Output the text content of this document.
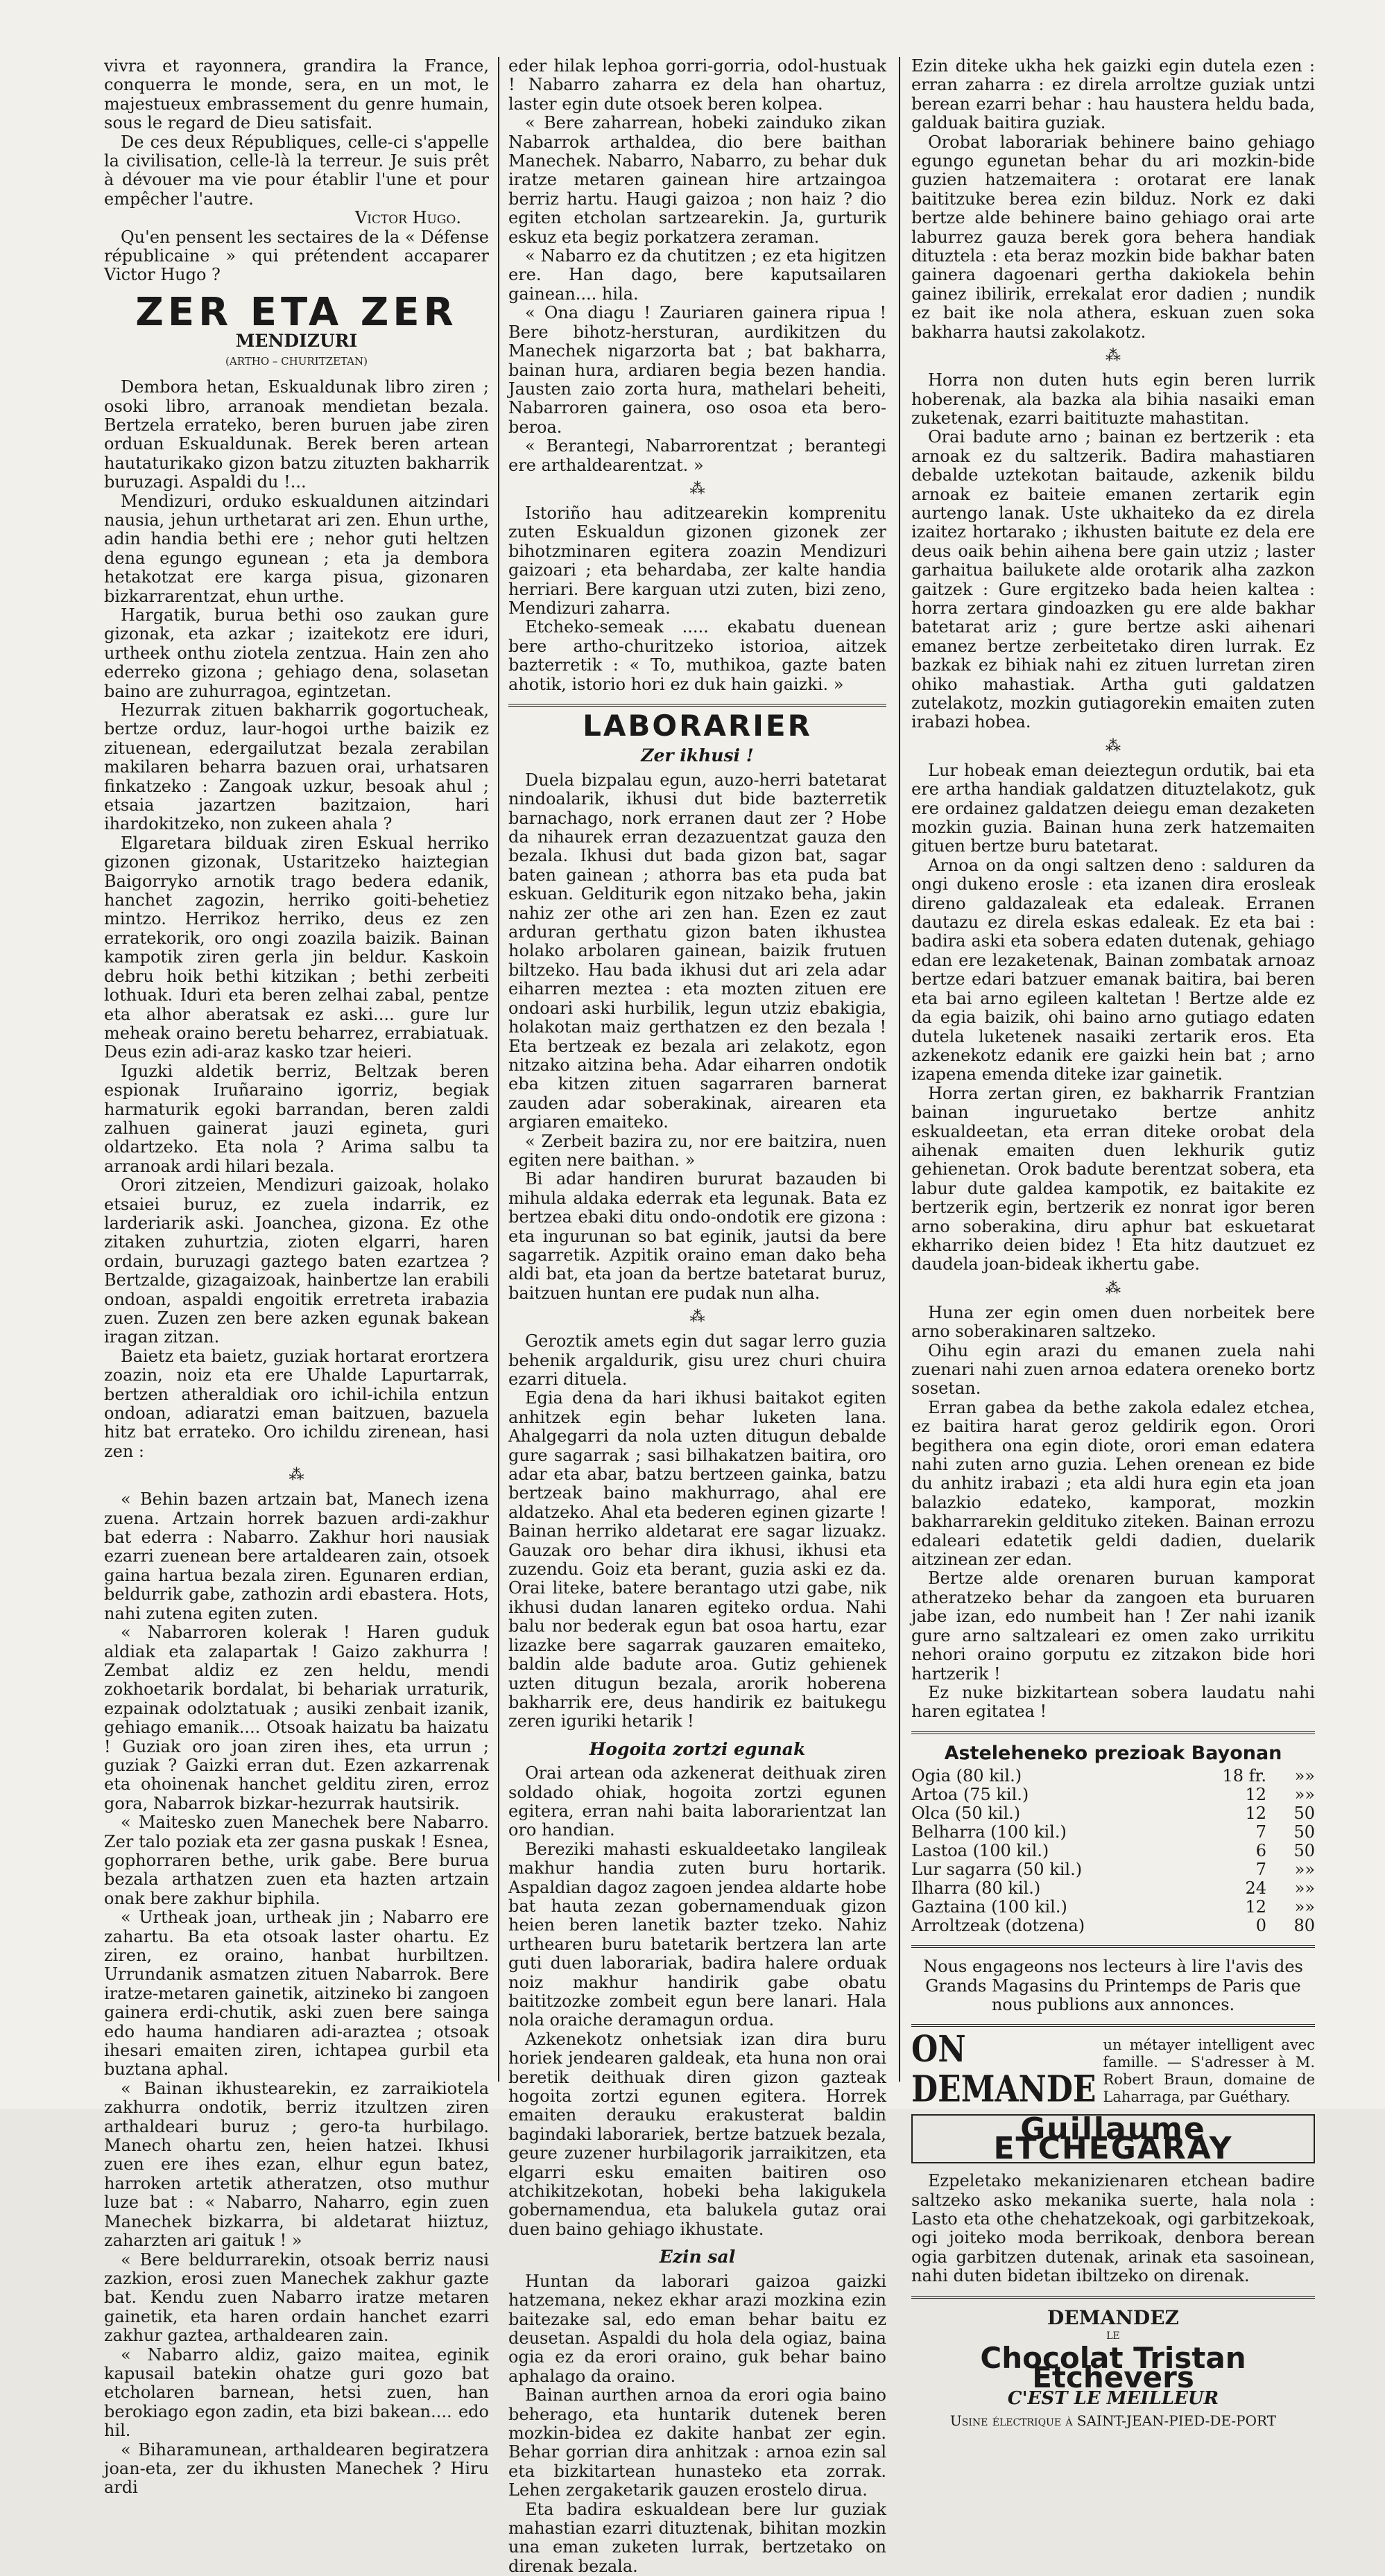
vivra et rayonnera, grandira la France, conquerra le monde, sera, en un mot, le majestueux embrassement du genre humain, sous le regard de Dieu satisfait.

De ces deux Républiques, celle-ci s'appelle la civilisation, celle-là la terreur. Je suis prêt à dévouer ma vie pour établir l'une et pour empêcher l'autre.

Victor Hugo.

Qu'en pensent les sectaires de la « Défense républicaine » qui prétendent accaparer Victor Hugo ?

ZER ETA ZER
MENDIZURI
(ARTHO – CHURITZETAN)

Dembora hetan, Eskualdunak libro ziren ; osoki libro, arranoak mendietan bezala. Bertzela errateko, beren buruen jabe ziren orduan Eskualdunak. Berek beren artean hautaturikako gizon batzu zituzten bakharrik buruzagi. Aspaldi du !...

Mendizuri, orduko eskualdunen aitzindari nausia, jehun urthetarat ari zen. Ehun urthe, adin handia bethi ere ; nehor guti heltzen dena egungo egunean ; eta ja dembora hetakotzat ere karga pisua, gizonaren bizkarrarentzat, ehun urthe.

Hargatik, burua bethi oso zaukan gure gizonak, eta azkar ; izaitekotz ere iduri, urtheek onthu ziotela zentzua. Hain zen aho ederreko gizona ; gehiago dena, solasetan baino are zuhurragoa, egintzetan.

Hezurrak zituen bakharrik gogortucheak, bertze orduz, laur-hogoi urthe baizik ez zituenean, edergailutzat bezala zerabilan makilaren beharra bazuen orai, urhatsaren finkatzeko : Zangoak uzkur, besoak ahul ; etsaia jazartzen bazitzaion, hari ihardokitzeko, non zukeen ahala ?

Elgaretara bilduak ziren Eskual herriko gizonen gizonak, Ustaritzeko haiztegian Baigorryko arnotik trago bedera edanik, hanchet zagozin, herriko goiti-behetiez mintzo. Herrikoz herriko, deus ez zen erratekorik, oro ongi zoazila baizik. Bainan kampotik ziren gerla jin beldur. Kaskoin debru hoik bethi kitzikan ; bethi zerbeiti lothuak. Iduri eta beren zelhai zabal, pentze eta alhor aberatsak ez aski.... gure lur meheak oraino beretu beharrez, errabiatuak. Deus ezin adi-araz kasko tzar heieri.

Iguzki aldetik berriz, Beltzak beren espionak Iruñaraino igorriz, begiak harmaturik egoki barrandan, beren zaldi zalhuen gainerat jauzi egineta, guri oldartzeko. Eta nola ? Arima salbu ta arranoak ardi hilari bezala.

Orori zitzeien, Mendizuri gaizoak, holako etsaiei buruz, ez zuela indarrik, ez larderiarik aski. Joanchea, gizona. Ez othe zitaken zuhurtzia, zioten elgarri, haren ordain, buruzagi gaztego baten ezartzea ? Bertzalde, gizagaizoak, hainbertze lan erabili ondoan, aspaldi engoitik erretreta irabazia zuen. Zuzen zen bere azken egunak bakean iragan zitzan.

Baietz eta baietz, guziak hortarat erortzera zoazin, noiz eta ere Uhalde Lapurtarrak, bertzen atheraldiak oro ichil-ichila entzun ondoan, adiaratzi eman baitzuen, bazuela hitz bat errateko. Oro ichildu zirenean, hasi zen :

⁂

« Behin bazen artzain bat, Manech izena zuena. Artzain horrek bazuen ardi-zakhur bat ederra : Nabarro. Zakhur hori nausiak ezarri zuenean bere artaldearen zain, otsoek gaina hartua bezala ziren. Egunaren erdian, beldurrik gabe, zathozin ardi ebastera. Hots, nahi zutena egiten zuten.

« Nabarroren kolerak ! Haren guduk aldiak eta zalapartak ! Gaizo zakhurra ! Zembat aldiz ez zen heldu, mendi zokhoetarik bordalat, bi behariak urraturik, ezpainak odolztatuak ; ausiki zenbait izanik, gehiago emanik.... Otsoak haizatu ba haizatu ! Guziak oro joan ziren ihes, eta urrun ; guziak ? Gaizki erran dut. Ezen azkarrenak eta ohoinenak hanchet gelditu ziren, erroz gora, Nabarrok bizkar-hezurrak hautsirik.

« Maitesko zuen Manechek bere Nabarro. Zer talo poziak eta zer gasna puskak ! Esnea, gophorraren bethe, urik gabe. Bere burua bezala arthatzen zuen eta hazten artzain onak bere zakhur biphila.

« Urtheak joan, urtheak jin ; Nabarro ere zahartu. Ba eta otsoak laster ohartu. Ez ziren, ez oraino, hanbat hurbiltzen. Urrundanik asmatzen zituen Nabarrok. Bere iratze-metaren gainetik, aitzineko bi zangoen gainera erdi-chutik, aski zuen bere sainga edo hauma handiaren adi-araztea ; otsoak ihesari emaiten ziren, ichtapea gurbil eta buztana aphal.

« Bainan ikhustearekin, ez zarraikiotela zakhurra ondotik, berriz itzultzen ziren arthaldeari buruz ; gero-ta hurbilago. Manech ohartu zen, heien hatzei. Ikhusi zuen ere ihes ezan, elhur egun batez, harroken artetik atheratzen, otso muthur luze bat : « Nabarro, Naharro, egin zuen Manechek bizkarra, bi aldetarat hiiztuz, zaharzten ari gaituk ! »

« Bere beldurrarekin, otsoak berriz nausi zazkion, erosi zuen Manechek zakhur gazte bat. Kendu zuen Nabarro iratze metaren gainetik, eta haren ordain hanchet ezarri zakhur gaztea, arthaldearen zain.

« Nabarro aldiz, gaizo maitea, eginik kapusail batekin ohatze guri gozo bat etcholaren barnean, hetsi zuen, han berokiago egon zadin, eta bizi bakean.... edo hil.

« Biharamunean, arthaldearen begiratzera joan-eta, zer du ikhusten Manechek ? Hiru ardi

eder hilak lephoa gorri-gorria, odol-hustuak ! Nabarro zaharra ez dela han ohartuz, laster egin dute otsoek beren kolpea.

« Bere zaharrean, hobeki zainduko zikan Nabarrok arthaldea, dio bere baithan Manechek. Nabarro, Nabarro, zu behar duk iratze metaren gainean hire artzaingoa berriz hartu. Haugi gaizoa ; non haiz ? dio egiten etcholan sartzearekin. Ja, gurturik eskuz eta begiz porkatzera zeraman.

« Nabarro ez da chutitzen ; ez eta higitzen ere. Han dago, bere kaputsailaren gainean.... hila.

« Ona diagu ! Zauriaren gainera ripua ! Bere bihotz-hersturan, aurdikitzen du Manechek nigarzorta bat ; bat bakharra, bainan hura, ardiaren begia bezen handia. Jausten zaio zorta hura, mathelari beheiti, Nabarroren gainera, oso osoa eta bero-beroa.

« Berantegi, Nabarrorentzat ; berantegi ere arthaldearentzat. »

⁂

Istoriño hau aditzearekin komprenitu zuten Eskualdun gizonen gizonek zer bihotzminaren egitera zoazin Mendizuri gaizoari ; eta behardaba, zer kalte handia herriari. Bere karguan utzi zuten, bizi zeno, Mendizuri zaharra.

Etcheko-semeak ..... ekabatu duenean bere artho-churitzeko istorioa, aitzek bazterretik : « To, muthikoa, gazte baten ahotik, istorio hori ez duk hain gaizki. »

LABORARIER
Zer ikhusi !

Duela bizpalau egun, auzo-herri batetarat nindoalarik, ikhusi dut bide bazterretik barnachago, nork erranen daut zer ? Hobe da nihaurek erran dezazuentzat gauza den bezala. Ikhusi dut bada gizon bat, sagar baten gainean ; athorra bas eta puda bat eskuan. Gelditurik egon nitzako beha, jakin nahiz zer othe ari zen han. Ezen ez zaut arduran gerthatu gizon baten ikhustea holako arbolaren gainean, baizik frutuen biltzeko. Hau bada ikhusi dut ari zela adar eiharren meztea : eta mozten zituen ere ondoari aski hurbilik, legun utziz ebakigia, holakotan maiz gerthatzen ez den bezala ! Eta bertzeak ez bezala ari zelakotz, egon nitzako aitzina beha. Adar eiharren ondotik eba kitzen zituen sagarraren barnerat zauden adar soberakinak, airearen eta argiaren emaiteko.

« Zerbeit bazira zu, nor ere baitzira, nuen egiten nere baithan. »

Bi adar handiren bururat bazauden bi mihula aldaka ederrak eta legunak. Bata ez bertzea ebaki ditu ondo-ondotik ere gizona : eta ingurunan so bat eginik, jautsi da bere sagarretik. Azpitik oraino eman dako beha aldi bat, eta joan da bertze batetarat buruz, baitzuen huntan ere pudak nun alha.

⁂

Geroztik amets egin dut sagar lerro guzia behenik argaldurik, gisu urez churi chuira ezarri dituela.

Egia dena da hari ikhusi baitakot egiten anhitzek egin behar luketen lana. Ahalgegarri da nola uzten ditugun debalde gure sagarrak ; sasi bilhakatzen baitira, oro adar eta abar, batzu bertzeen gainka, batzu bertzeak baino makhurrago, ahal ere aldatzeko. Ahal eta bederen eginen gizarte ! Bainan herriko aldetarat ere sagar lizuakz. Gauzak oro behar dira ikhusi, ikhusi eta zuzendu. Goiz eta berant, guzia aski ez da. Orai liteke, batere berantago utzi gabe, nik ikhusi dudan lanaren egiteko ordua. Nahi balu nor bederak egun bat osoa hartu, ezar lizazke bere sagarrak gauzaren emaiteko, baldin alde badute aroa. Gutiz gehienek uzten ditugun bezala, arorik hoberena bakharrik ere, deus handirik ez baitukegu zeren iguriki hetarik !

Hogoita zortzi egunak

Orai artean oda azkenerat deithuak ziren soldado ohiak, hogoita zortzi egunen egitera, erran nahi baita laborarientzat lan oro handian.

Bereziki mahasti eskualdeetako langileak makhur handia zuten buru hortarik. Aspaldian dagoz zagoen jendea aldarte hobe bat hauta zezan gobernamenduak gizon heien beren lanetik bazter tzeko. Nahiz urthearen buru batetarik bertzera lan arte guti duen laborariak, badira halere orduak noiz makhur handirik gabe obatu baititzozke zombeit egun bere lanari. Hala nola oraiche deramagun ordua.

Azkenekotz onhetsiak izan dira buru horiek jendearen galdeak, eta huna non orai beretik deithuak diren gizon gazteak hogoita zortzi egunen egitera. Horrek emaiten derauku erakusterat baldin bagindaki laborariek, bertze batzuek bezala, geure zuzener hurbilagorik jarraikitzen, eta elgarri esku emaiten baitiren oso atchikitzekotan, hobeki beha lakigukela gobernamendua, eta balukela gutaz orai duen baino gehiago ikhustate.

Ezin sal

Huntan da laborari gaizoa gaizki hatzemana, nekez ekhar arazi mozkina ezin baitezake sal, edo eman behar baitu ez deusetan. Aspaldi du hola dela ogiaz, baina ogia ez da erori oraino, guk behar baino aphalago da oraino.

Bainan aurthen arnoa da erori ogia baino beherago, eta huntarik dutenek beren mozkin-bidea ez dakite hanbat zer egin. Behar gorrian dira anhitzak : arnoa ezin sal eta bizkitartean hunasteko eta zorrak. Lehen zergaketarik gauzen erostelo dirua.

Eta badira eskualdean bere lur guziak mahastian ezarri dituztenak, bihitan mozkin una eman zuketen lurrak, bertzetako on direnak bezala.

Ezin diteke ukha hek gaizki egin dutela ezen : erran zaharra : ez direla arroltze guziak untzi berean ezarri behar : hau haustera heldu bada, galduak baitira guziak.

Orobat laborariak behinere baino gehiago egungo egunetan behar du ari mozkin-bide guzien hatzemaitera : orotarat ere lanak baititzuke berea ezin bilduz. Nork ez daki bertze alde behinere baino gehiago orai arte laburrez gauza berek gora behera handiak dituztela : eta beraz mozkin bide bakhar baten gainera dagoenari gertha dakiokela behin gainez ibilirik, errekalat eror dadien ; nundik ez bait ike nola athera, eskuan zuen soka bakharra hautsi zakolakotz.

⁂

Horra non duten huts egin beren lurrik hoberenak, ala bazka ala bihia nasaiki eman zuketenak, ezarri baitituzte mahastitan.

Orai badute arno ; bainan ez bertzerik : eta arnoak ez du saltzerik. Badira mahastiaren debalde uztekotan baitaude, azkenik bildu arnoak ez baiteie emanen zertarik egin aurtengo lanak. Uste ukhaiteko da ez direla izaitez hortarako ; ikhusten baitute ez dela ere deus oaik behin aihena bere gain utziz ; laster garhaitua bailukete alde orotarik alha zazkon gaitzek : Gure ergitzeko bada heien kaltea : horra zertara gindoazken gu ere alde bakhar batetarat ariz ; gure bertze aski aihenari emanez bertze zerbeitetako diren lurrak. Ez bazkak ez bihiak nahi ez zituen lurretan ziren ohiko mahastiak. Artha guti galdatzen zutelakotz, mozkin gutiagorekin emaiten zuten irabazi hobea.

⁂

Lur hobeak eman deieztegun ordutik, bai eta ere artha handiak galdatzen dituztelakotz, guk ere ordainez galdatzen deiegu eman dezaketen mozkin guzia. Bainan huna zerk hatzemaiten gituen bertze buru batetarat.

Arnoa on da ongi saltzen denο : salduren da ongi dukeno erosle : eta izanen dira erosleak direno galdazaleak eta edaleak. Erranen dautazu ez direla eskas edaleak. Ez eta bai : badira aski eta sobera edaten dutenak, gehiago edan ere lezaketenak, Bainan zombatak arnoaz bertze edari batzuer emanak baitira, bai beren eta bai arno egileen kaltetan ! Bertze alde ez da egia baizik, ohi baino arno gutiago edaten dutela luketenek nasaiki zertarik eros. Eta azkenekotz edanik ere gaizki hein bat ; arno izapena emenda diteke izar gainetik.

Horra zertan giren, ez bakharrik Frantzian bainan inguruetako bertze anhitz eskualdeetan, eta erran diteke orobat dela aihenak emaiten duen lekhurik gutiz gehienetan. Orok badute berentzat sobera, eta labur dute galdea kampotik, ez baitakite ez bertzerik egin, bertzerik ez nonrat igor beren arno soberakina, diru aphur bat eskuetarat ekharriko deien bidez ! Eta hitz dautzuet ez daudela joan-bideak ikhertu gabe.

⁂

Huna zer egin omen duen norbeitek bere arno soberakinaren saltzeko.

Oihu egin arazi du emanen zuela nahi zuenari nahi zuen arnoa edatera oreneko bortz sosetan.

Erran gabea da bethe zakola edalez etchea, ez baitira harat geroz geldirik egon. Orori begithera ona egin diote, orori eman edatera nahi zuten arno guzia. Lehen orenean ez bide du anhitz irabazi ; eta aldi hura egin eta joan balazkio edateko, kamporat, mozkin bakharrarekin geldituko ziteken. Bainan errozu edaleari edatetik geldi dadien, duelarik aitzinean zer edan.

Bertze alde orenaren buruan kamporat atheratzeko behar da zangoen eta buruaren jabe izan, edo numbeit han ! Zer nahi izanik gure arno saltzaleari ez omen zako urrikitu nehori oraino gorputu ez zitzakon bide hori hartzerik !

Ez nuke bizkitartean sobera laudatu nahi haren egitatea !

Asteleheneko prezioak Bayonan
Ogia (80 kil.)	18 fr.	»»
Artoa (75 kil.)	12	»»
Olca (50 kil.)	12	50
Belharra (100 kil.)	7	50
Lastoa (100 kil.)	6	50
Lur sagarra (50 kil.)	7	»»
Ilharra (80 kil.)	24	»»
Gaztaina (100 kil.)	12	»»
Arroltzeak (dotzena)	0	80
Nous engageons nos lecteurs à lire l'avis des Grands Magasins du Printemps de Paris que nous publions aux annonces.
ON DEMANDE
un métayer intelligent avec famille. — S'adresser à M. Robert Braun, domaine de Laharraga, par Guéthary.
Guillaume ETCHEGARAY

Ezpeletako mekanizienaren etchean badire saltzeko asko mekanika suerte, hala nola : Lasto eta othe chehatzekoak, ogi garbitzekoak, ogi joiteko moda berrikoak, denbora berean ogia garbitzen dutenak, arinak eta sasoinean, nahi duten bidetan ibiltzeko on direnak.

DEMANDEZ
LE
Chocolat Tristan Etchevers
C'EST LE MEILLEUR
Usine électrique à SAINT-JEAN-PIED-DE-PORT
